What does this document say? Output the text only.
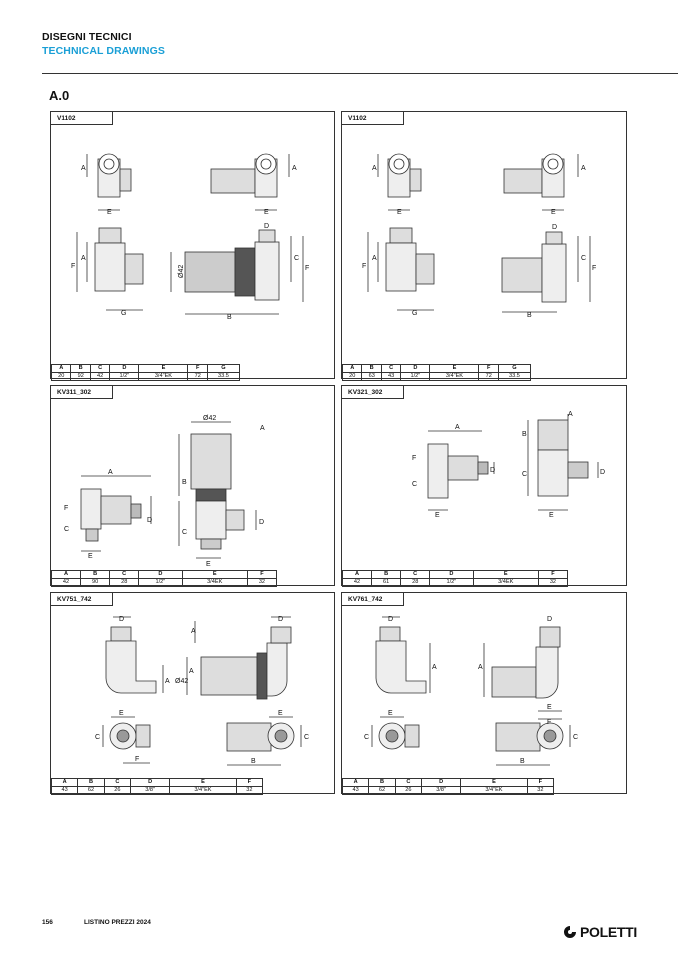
DISEGNI TECNICI
TECHNICAL DRAWINGS
A.0
V1102
A
E
A
E
D
F
A
G
Ø42
B
C
F
A	B	C	D	E	F	G
20	92	42	1/2"	3/4"EK	72	33.5
V1102
A
E
A
E
D
F
A
G	B
C
F
A	B	C	D	E	F	G
20	63	43	1/2"	3/4"EK	72	33.5
KV311_302
A
F
C
D
E
Ø42
A
B
C
D
E
A	B	C	D	E	F
42	90	28	1/2"	3/4EK	32
KV321_302
A
F
C
D
E
A
B
C	D
E
A	B	C	D	E	F
42	61	28	1/2"	3/4EK	32
KV751_742
D
A
A
D
A
Ø42
E
C
F	B
E
C
A	B	C	D	E	F
43	62	26	3/8"	3/4"EK	32
KV761_742
D
A	A
D
E
C
E
F
B
C
A	B	C	D	E	F
43	62	26	3/8"	3/4"EK	32
156	LISTINO PREZZI 2024
POLETTI
